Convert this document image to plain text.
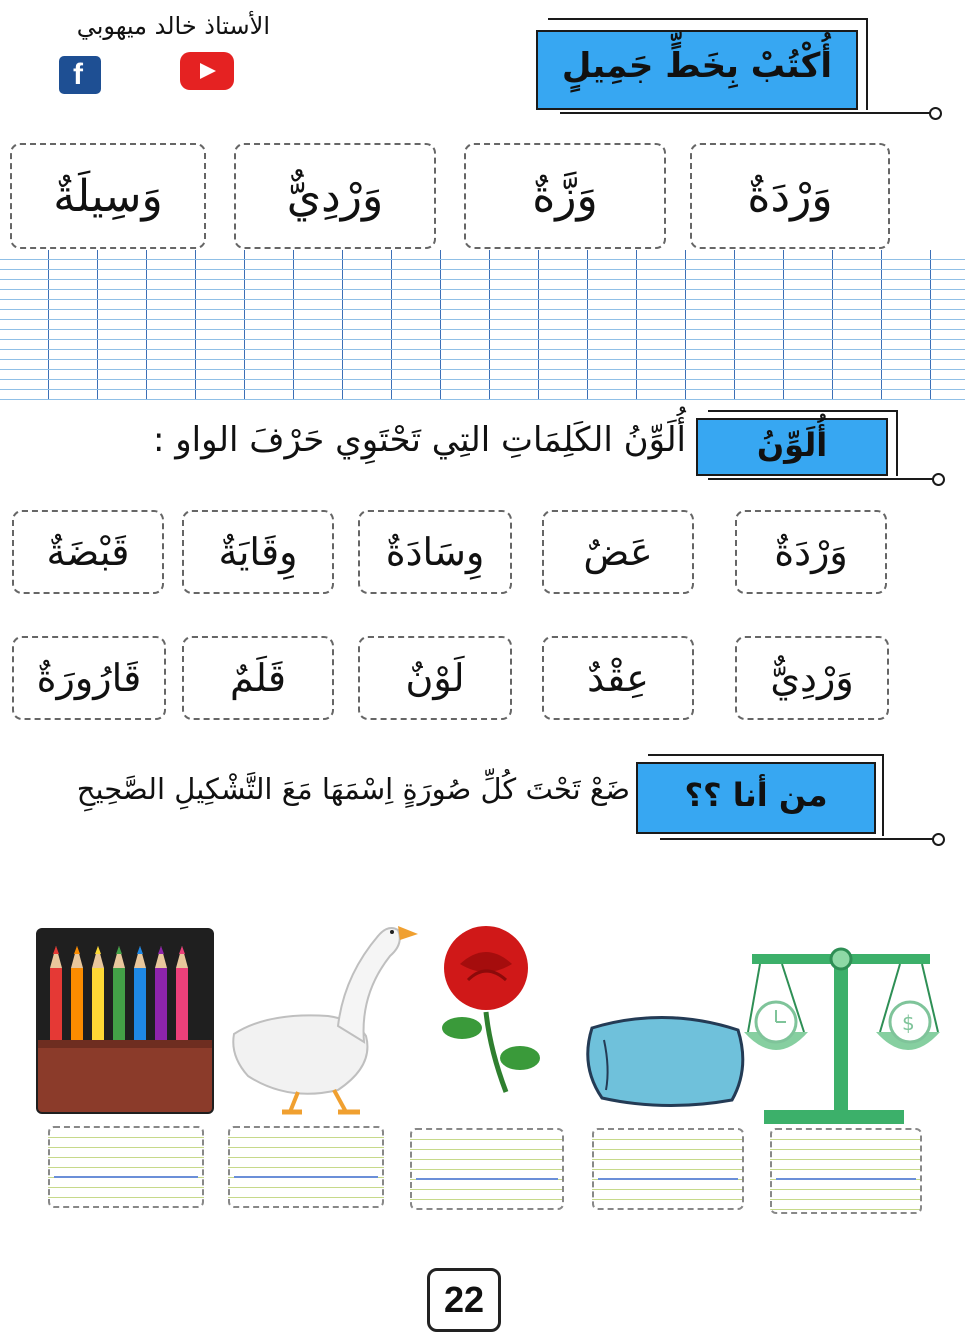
الأستاذ خالد ميهوبي
f	أُكْتُبْ بِخَطٍّ جَمِيلٍ
وَرْدَةٌ
وَزَّةٌ
وَرْدِيٌّ
وَسِيلَةٌ
أُلَوِّنُ
أُلَوِّنُ الكَلِمَاتِ التِي تَحْتَوِي حَرْفَ الواو :
وَرْدَةٌ
عَضٌ
وِسَادَةٌ
وِقَايَةٌ
قَبْضَةٌ
وَرْدِيٌّ
عِقْدٌ
لَوْنٌ
قَلَمٌ
قَارُورَةٌ
من أنا ؟؟
ضَعْ تَحْتَ كُلِّ صُورَةٍ اِسْمَهَا مَعَ التَّشْكِيلِ الصَّحِيحِ
$
22
